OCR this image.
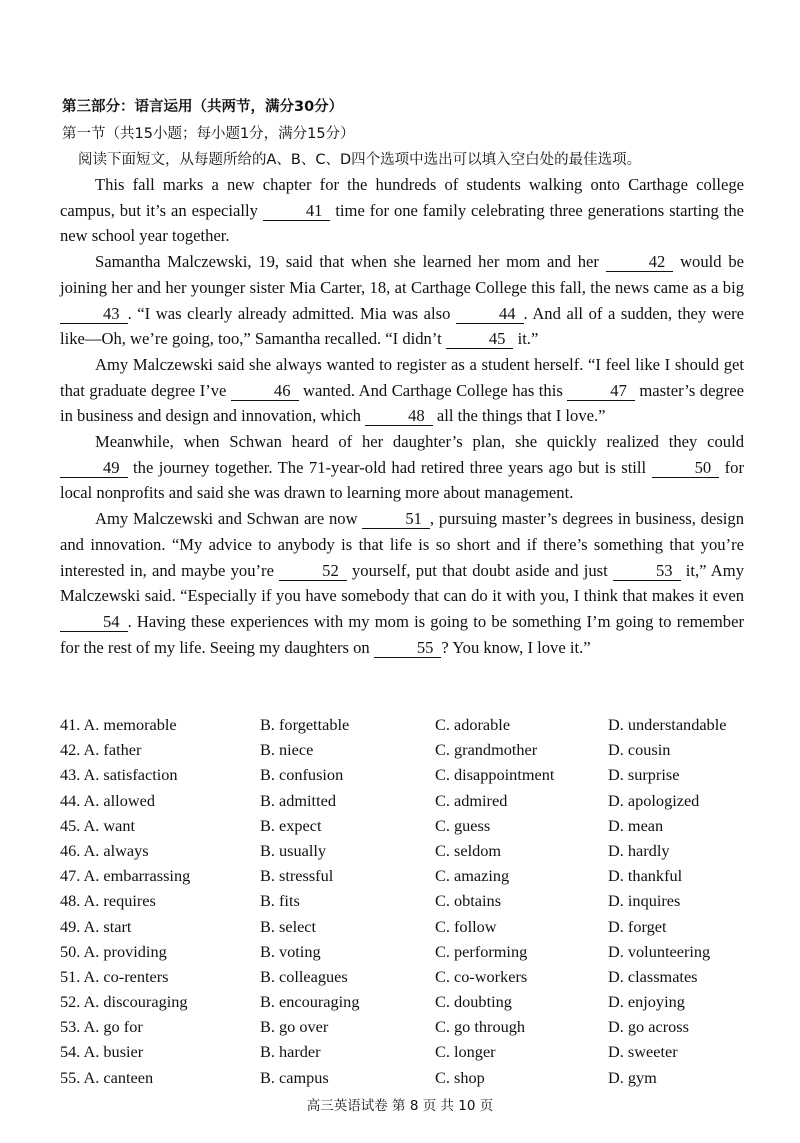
第三部分：语言运用（共两节，满分30分）
第一节（共15小题；每小题1分，满分15分）
阅读下面短文，从每题所给的A、B、C、D四个选项中选出可以填入空白处的最佳选项。

This fall marks a new chapter for the hundreds of students walking onto Carthage college campus, but it’s an especially	41 time for one family celebrating three generations starting the new school year together.

Samantha Malczewski, 19, said that when she learned her mom and her	42 would be joining her and her younger sister Mia Carter, 18, at Carthage College this fall, the news came as a big 43 . “I was clearly already admitted. Mia was also	44 . And all of a sudden, they were like—Oh, we’re going, too,” Samantha recalled. “I didn’t	45 it.”

Amy Malczewski said she always wanted to register as a student herself. “I feel like I should get that graduate degree I’ve	46 wanted. And Carthage College has this	47 master’s degree in business and design and innovation, which	48 all the things that I love.”

Meanwhile, when Schwan heard of her daughter’s plan, she quickly realized they could 49 the journey together. The 71-year-old had retired three years ago but is still	50 for local nonprofits and said she was drawn to learning more about management.

Amy Malczewski and Schwan are now	51 , pursuing master’s degrees in business, design and innovation. “My advice to anybody is that life is so short and if there’s something that you’re interested in, and maybe you’re	52 yourself, put that doubt aside and just	53 it,” Amy Malczewski said. “Especially if you have somebody that can do it with you, I think that makes it even 54 . Having these experiences with my mom is going to be something I’m going to remember for the rest of my life. Seeing my daughters on	55 ? You know, I love it.”

41. A. memorable	B. forgettable	C. adorable	D. understandable
42. A. father	B. niece	C. grandmother	D. cousin
43. A. satisfaction	B. confusion	C. disappointment	D. surprise
44. A. allowed	B. admitted	C. admired	D. apologized
45. A. want	B. expect	C. guess	D. mean
46. A. always	B. usually	C. seldom	D. hardly
47. A. embarrassing	B. stressful	C. amazing	D. thankful
48. A. requires	B. fits	C. obtains	D. inquires
49. A. start	B. select	C. follow	D. forget
50. A. providing	B. voting	C. performing	D. volunteering
51. A. co-renters	B. colleagues	C. co-workers	D. classmates
52. A. discouraging	B. encouraging	C. doubting	D. enjoying
53. A. go for	B. go over	C. go through	D. go across
54. A. busier	B. harder	C. longer	D. sweeter
55. A. canteen	B. campus	C. shop	D. gym
高三英语试卷 第 8 页 共 10 页
